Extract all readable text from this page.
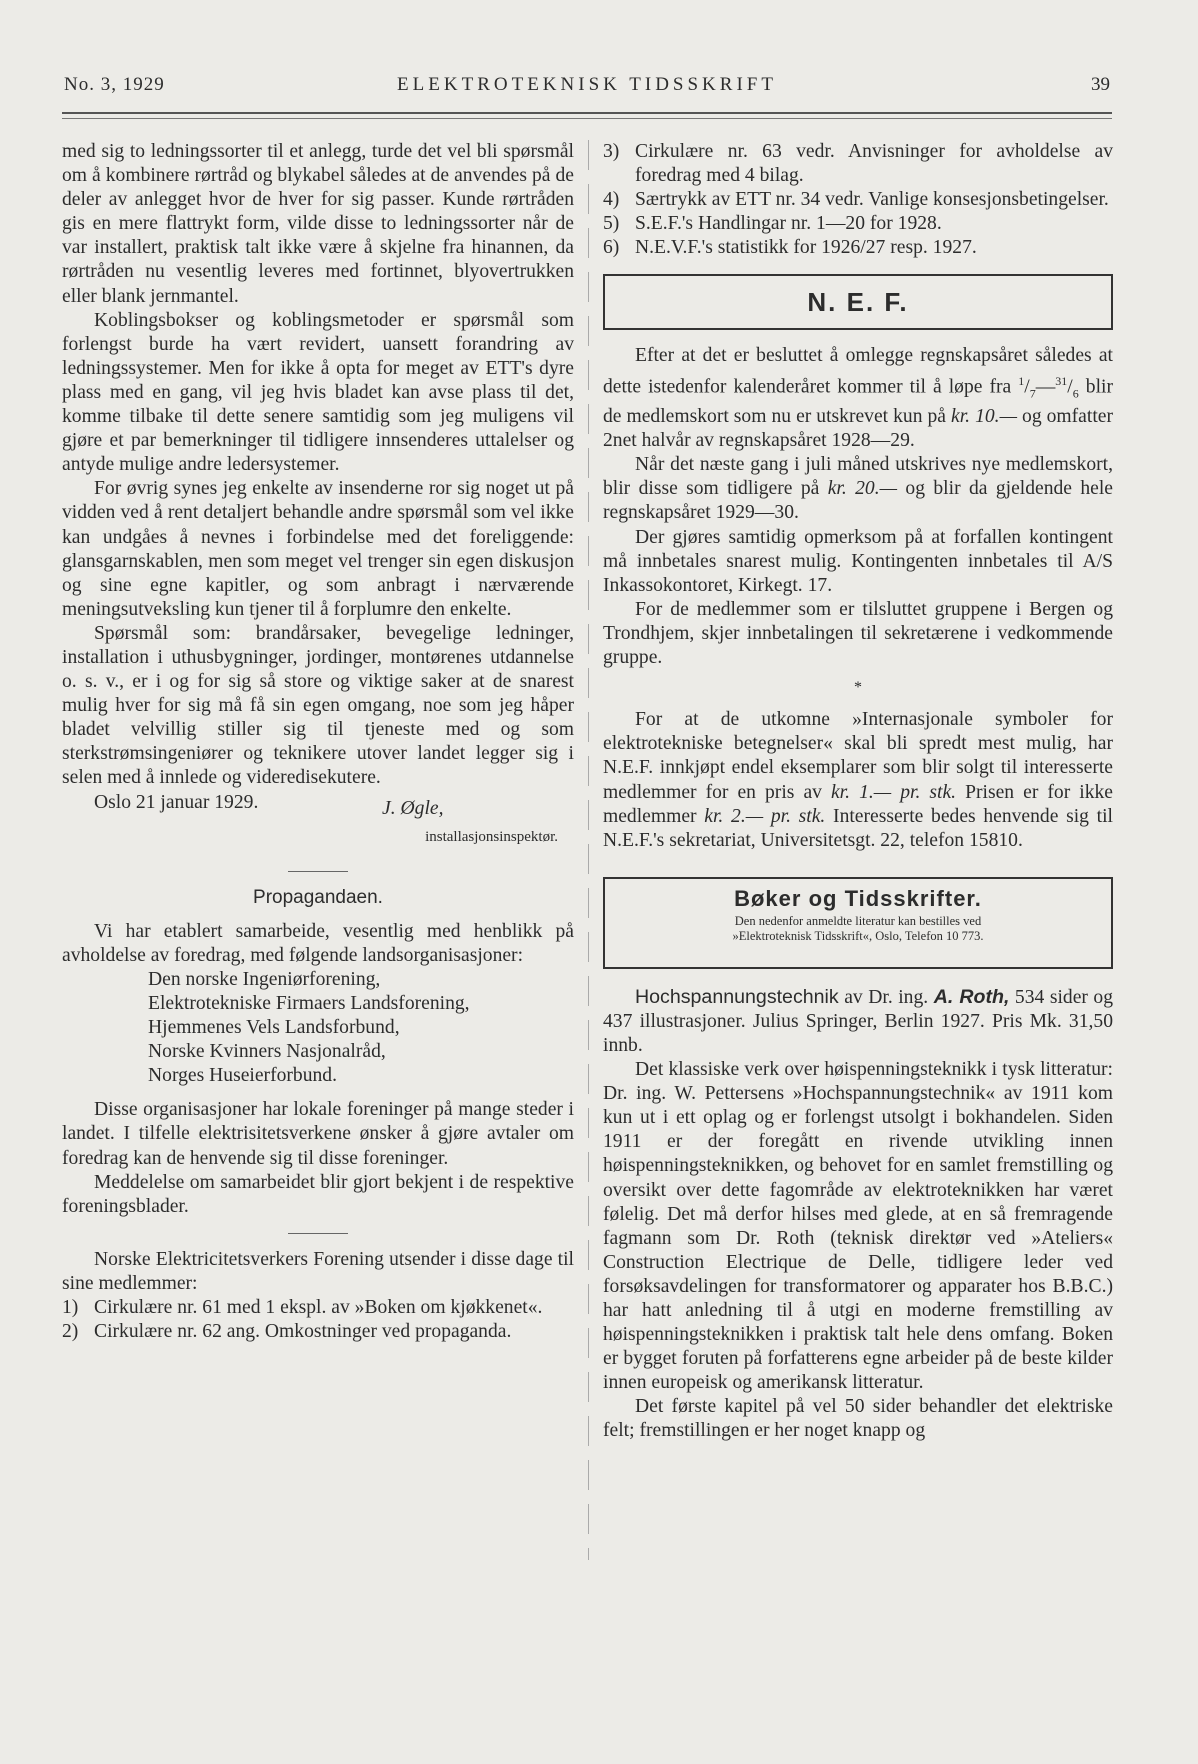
No. 3, 1929	ELEKTROTEKNISK TIDSSKRIFT	39

med sig to ledningssorter til et anlegg, turde det vel bli spørsmål om å kombinere rørtråd og blykabel således at de anvendes på de deler av anlegget hvor de hver for sig passer. Kunde rørtråden gis en mere flattrykt form, vilde disse to ledningssorter når de var installert, praktisk talt ikke være å skjelne fra hinannen, da rørtråden nu vesentlig leveres med fortinnet, blyovertrukken eller blank jernmantel.

Koblingsbokser og koblingsmetoder er spørsmål som forlengst burde ha vært revidert, uansett forandring av ledningssystemer. Men for ikke å opta for meget av ETT's dyre plass med en gang, vil jeg hvis bladet kan avse plass til det, komme tilbake til dette senere samtidig som jeg muligens vil gjøre et par bemerkninger til tidligere innsenderes uttalelser og antyde mulige andre ledersystemer.

For øvrig synes jeg enkelte av insenderne ror sig noget ut på vidden ved å rent detaljert behandle andre spørsmål som vel ikke kan undgåes å nevnes i forbindelse med det foreliggende: glansgarnskablen, men som meget vel trenger sin egen diskusjon og sine egne kapitler, og som anbragt i nærværende meningsutveksling kun tjener til å forplumre den enkelte.

Spørsmål som: brandårsaker, bevegelige ledninger, installation i uthusbygninger, jordinger, montørenes utdannelse o. s. v., er i og for sig så store og viktige saker at de snarest mulig hver for sig må få sin egen omgang, noe som jeg håper bladet velvillig stiller sig til tjeneste med og som sterkstrømsingeniører og teknikere utover landet legger sig i selen med å innlede og videredisekutere.

Oslo 21 januar 1929.	J. Øgle,
installasjonsinspektør.
Propagandaen.

Vi har etablert samarbeide, vesentlig med henblikk på avholdelse av foredrag, med følgende landsorganisasjoner:

Den norske Ingeniørforening,
Elektrotekniske Firmaers Landsforening,
Hjemmenes Vels Landsforbund,
Norske Kvinners Nasjonalråd,
Norges Huseierforbund.

Disse organisasjoner har lokale foreninger på mange steder i landet. I tilfelle elektrisitetsverkene ønsker å gjøre avtaler om foredrag kan de henvende sig til disse foreninger.

Meddelelse om samarbeidet blir gjort bekjent i de respektive foreningsblader.

Norske Elektricitetsverkers Forening utsender i disse dage til sine medlemmer:

1) Cirkulære nr. 61 med 1 ekspl. av »Boken om kjøkkenet«.
2) Cirkulære nr. 62 ang. Omkostninger ved propaganda.
3) Cirkulære nr. 63 vedr. Anvisninger for avholdelse av foredrag med 4 bilag.
4) Særtrykk av ETT nr. 34 vedr. Vanlige konsesjonsbetingelser.
5) S.E.F.'s Handlingar nr. 1—20 for 1928.
6) N.E.V.F.'s statistikk for 1926/27 resp. 1927.
N. E. F.

Efter at det er besluttet å omlegge regnskapsåret således at dette istedenfor kalenderåret kommer til å løpe fra $^1/_7—^{31}/_6$ blir de medlemskort som nu er utskrevet kun på kr. 10.— og omfatter 2net halvår av regnskapsåret 1928—29.

Når det næste gang i juli måned utskrives nye medlemskort, blir disse som tidligere på kr. 20.— og blir da gjeldende hele regnskapsåret 1929—30.

Der gjøres samtidig opmerksom på at forfallen kontingent må innbetales snarest mulig. Kontingenten innbetales til A/S Inkassokontoret, Kirkegt. 17.

For de medlemmer som er tilsluttet gruppene i Bergen og Trondhjem, skjer innbetalingen til sekretærene i vedkommende gruppe.

*

For at de utkomne »Internasjonale symboler for elektrotekniske betegnelser« skal bli spredt mest mulig, har N.E.F. innkjøpt endel eksemplarer som blir solgt til interesserte medlemmer for en pris av kr. 1.— pr. stk. Prisen er for ikke medlemmer kr. 2.— pr. stk. Interesserte bedes henvende sig til N.E.F.'s sekretariat, Universitetsgt. 22, telefon 15810.

Bøker og Tidsskrifter.
Den nedenfor anmeldte literatur kan bestilles ved
»Elektroteknisk Tidsskrift«, Oslo, Telefon 10 773.

Hochspannungstechnik av Dr. ing. A. Roth, 534 sider og 437 illustrasjoner. Julius Springer, Berlin 1927. Pris Mk. 31,50 innb.

Det klassiske verk over høispenningsteknikk i tysk litteratur: Dr. ing. W. Pettersens »Hochspannungstechnik« av 1911 kom kun ut i ett oplag og er forlengst utsolgt i bokhandelen. Siden 1911 er der foregått en rivende utvikling innen høispenningsteknikken, og behovet for en samlet fremstilling og oversikt over dette fagområde av elektroteknikken har været følelig. Det må derfor hilses med glede, at en så fremragende fagmann som Dr. Roth (teknisk direktør ved »Ateliers« Construction Electrique de Delle, tidligere leder ved forsøksavdelingen for transformatorer og apparater hos B.B.C.) har hatt anledning til å utgi en moderne fremstilling av høispenningsteknikken i praktisk talt hele dens omfang. Boken er bygget foruten på forfatterens egne arbeider på de beste kilder innen europeisk og amerikansk litteratur.

Det første kapitel på vel 50 sider behandler det elektriske felt; fremstillingen er her noget knapp og
